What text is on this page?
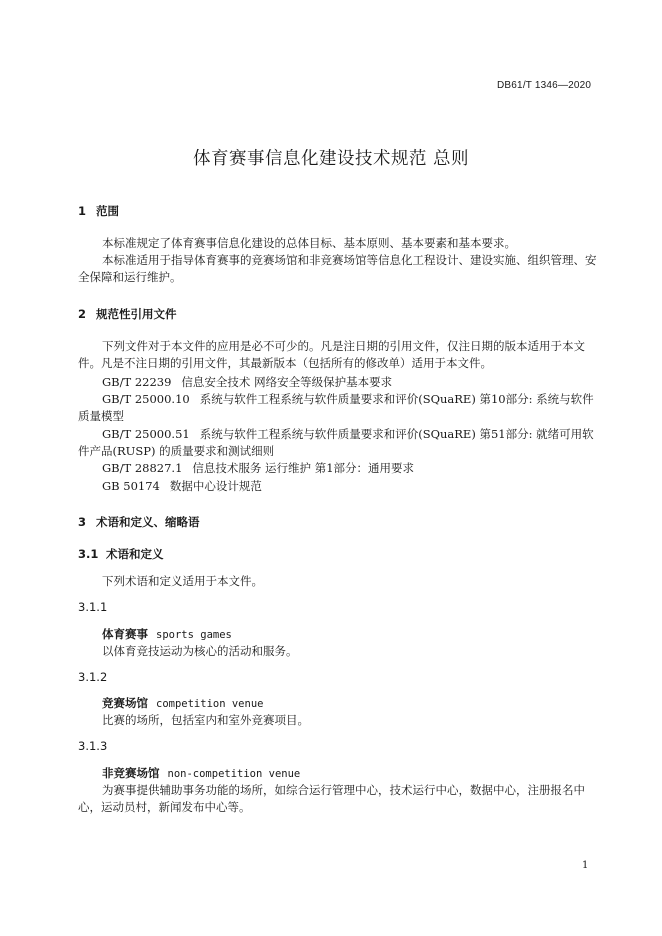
DB61/T 1346—2020
体育赛事信息化建设技术规范 总则
1 范围
本标准规定了体育赛事信息化建设的总体目标、基本原则、基本要素和基本要求。
本标准适用于指导体育赛事的竞赛场馆和非竞赛场馆等信息化工程设计、建设实施、组织管理、安全保障和运行维护。
2 规范性引用文件
下列文件对于本文件的应用是必不可少的。凡是注日期的引用文件，仅注日期的版本适用于本文件。凡是不注日期的引用文件，其最新版本（包括所有的修改单）适用于本文件。
GB/T 22239 信息安全技术 网络安全等级保护基本要求
GB/T 25000.10 系统与软件工程系统与软件质量要求和评价(SQuaRE) 第10部分: 系统与软件质量模型
GB/T 25000.51 系统与软件工程系统与软件质量要求和评价(SQuaRE) 第51部分: 就绪可用软件产品(RUSP) 的质量要求和测试细则
GB/T 28827.1 信息技术服务 运行维护 第1部分：通用要求
GB 50174 数据中心设计规范
3 术语和定义、缩略语
3.1 术语和定义
下列术语和定义适用于本文件。
3.1.1
体育赛事 sports games
以体育竞技运动为核心的活动和服务。
3.1.2
竞赛场馆 competition venue
比赛的场所，包括室内和室外竞赛项目。
3.1.3
非竞赛场馆 non-competition venue
为赛事提供辅助事务功能的场所，如综合运行管理中心，技术运行中心，数据中心，注册报名中心，运动员村，新闻发布中心等。
1
